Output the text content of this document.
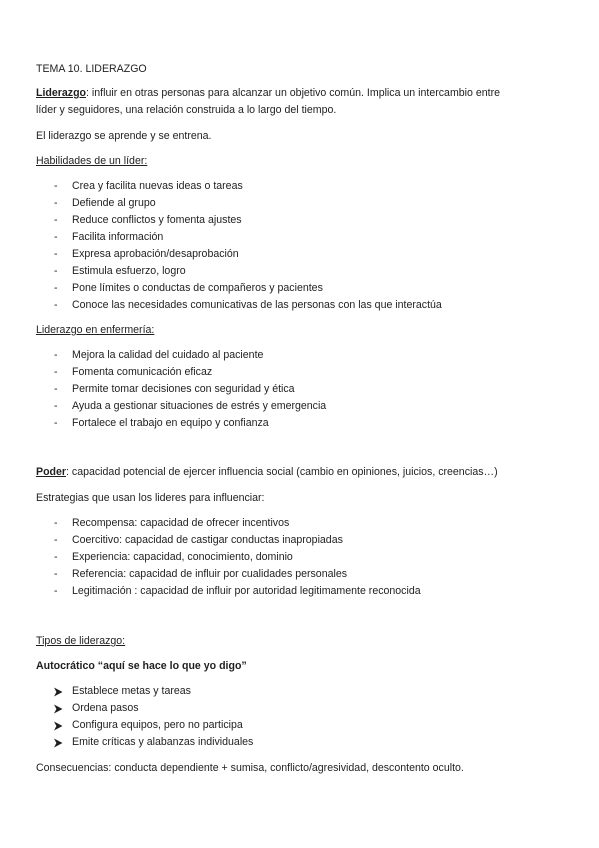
TEMA 10. LIDERAZGO
Liderazgo: influir en otras personas para alcanzar un objetivo común. Implica un intercambio entre
líder y seguidores, una relación construida a lo largo del tiempo.
El liderazgo se aprende y se entrena.
Habilidades de un líder:
- Crea y facilita nuevas ideas o tareas
- Defiende al grupo
- Reduce conflictos y fomenta ajustes
- Facilita información
- Expresa aprobación/desaprobación
- Estimula esfuerzo, logro
- Pone límites o conductas de compañeros y pacientes
- Conoce las necesidades comunicativas de las personas con las que interactúa
Liderazgo en enfermería:
- Mejora la calidad del cuidado al paciente
- Fomenta comunicación eficaz
- Permite tomar decisiones con seguridad y ética
- Ayuda a gestionar situaciones de estrés y emergencia
- Fortalece el trabajo en equipo y confianza
Poder: capacidad potencial de ejercer influencia social (cambio en opiniones, juicios, creencias…)
Estrategias que usan los lideres para influenciar:
- Recompensa: capacidad de ofrecer incentivos
- Coercitivo: capacidad de castigar conductas inapropiadas
- Experiencia: capacidad, conocimiento, dominio
- Referencia: capacidad de influir por cualidades personales
- Legitimación : capacidad de influir por autoridad legitimamente reconocida
Tipos de liderazgo:
Autocrático “aquí se hace lo que yo digo”
Establece metas y tareas
Ordena pasos
Configura equipos, pero no participa
Emite críticas y alabanzas individuales
Consecuencias: conducta dependiente + sumisa, conflicto/agresividad, descontento oculto.
